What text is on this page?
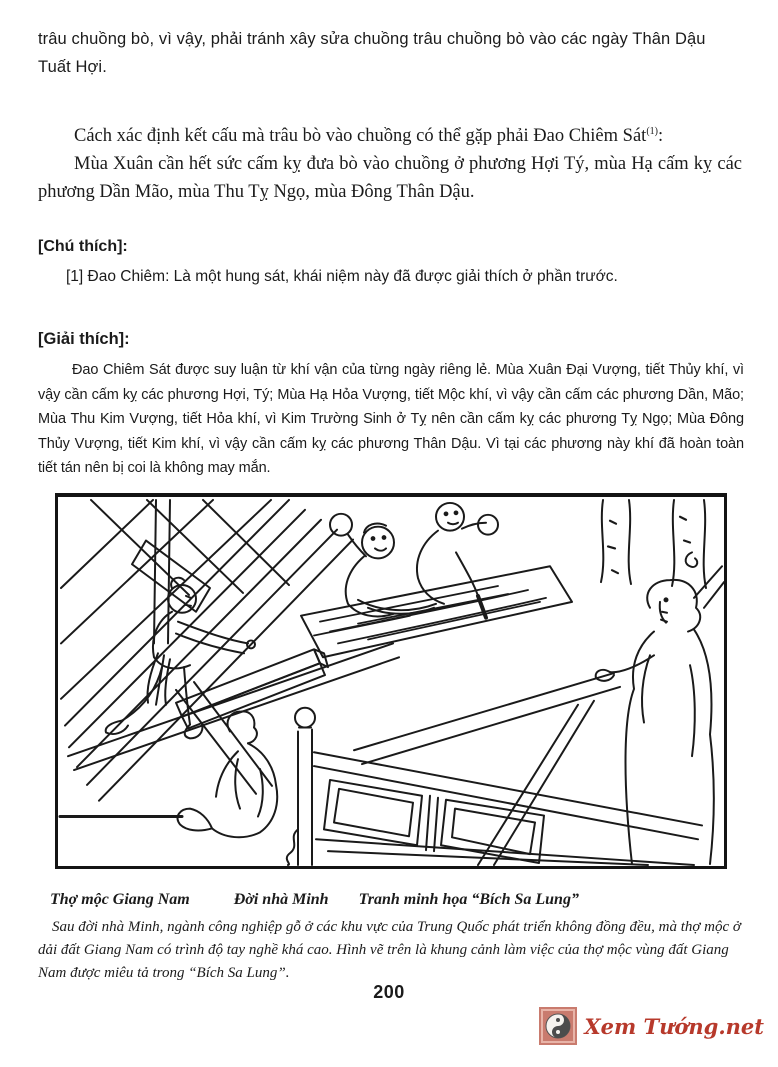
trâu chuồng bò, vì vậy, phải tránh xây sửa chuồng trâu chuồng bò vào các ngày Thân Dậu Tuất Hợi.

Cách xác định kết cấu mà trâu bò vào chuồng có thể gặp phải Đao Chiêm Sát$^{(1)}$:

Mùa Xuân cần hết sức cấm kỵ đưa bò vào chuồng ở phương Hợi Tý, mùa Hạ cấm kỵ các phương Dần Mão, mùa Thu Tỵ Ngọ, mùa Đông Thân Dậu.

[Chú thích]:

[1] Đao Chiêm: Là một hung sát, khái niệm này đã được giải thích ở phần trước.

[Giải thích]:

Đao Chiêm Sát được suy luận từ khí vận của từng ngày riêng lẻ. Mùa Xuân Đại Vượng, tiết Thủy khí, vì vậy cần cấm kỵ các phương Hợi, Tý; Mùa Hạ Hỏa Vượng, tiết Mộc khí, vì vậy cần cấm các phương Dần, Mão; Mùa Thu Kim Vượng, tiết Hỏa khí, vì Kim Trường Sinh ở Tỵ nên cần cấm kỵ các phương Tỵ Ngọ; Mùa Đông Thủy Vượng, tiết Kim khí, vì vậy cần cấm kỵ các phương Thân Dậu. Vì tại các phương này khí đã hoàn toàn tiết tán nên bị coi là không may mắn.

Thợ mộc Giang Nam	Đời nhà Minh Tranh minh họa “Bích Sa Lung”

Sau đời nhà Minh, ngành công nghiệp gỗ ở các khu vực của Trung Quốc phát triển không đồng đều, mà thợ mộc ở dải đất Giang Nam có trình độ tay nghề khá cao. Hình vẽ trên là khung cảnh làm việc của thợ mộc vùng đất Giang Nam được miêu tả trong “Bích Sa Lung”.

200
Xem Tướng.net
